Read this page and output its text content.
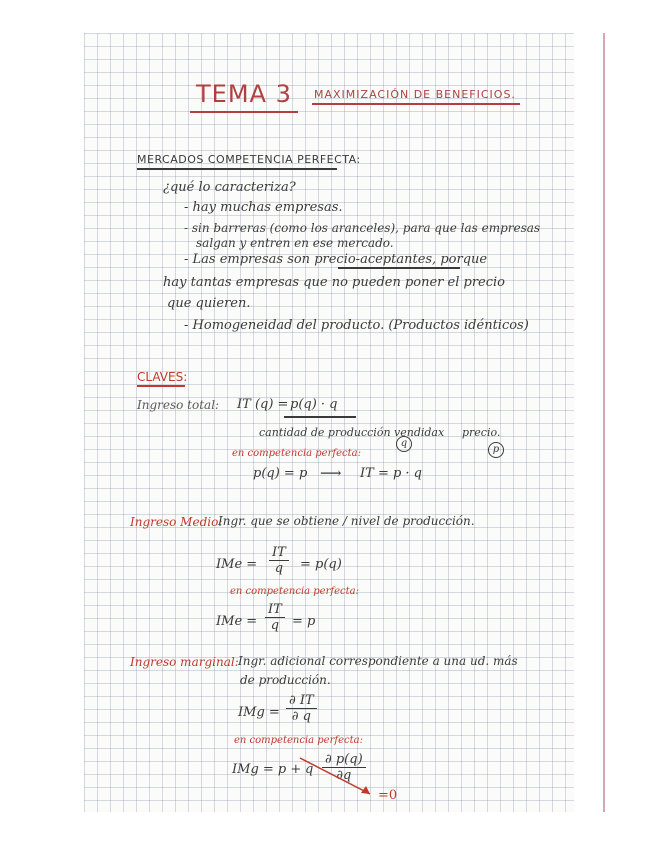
TEMA 3 MAXIMIZACIÓN DE BENEFICIOS.
MERCADOS COMPETENCIA PERFECTA:
¿qué lo caracteriza?
- hay muchas empresas.
- sin barreras (como los aranceles), para que las empresas
salgan y entren en ese mercado.
- Las empresas son precio-aceptantes, porque
hay tantas empresas que no pueden poner el precio
que quieren.
- Homogeneidad del producto. (Productos idénticos)
CLAVES:
Ingreso total: IT (q) = p(q) · q
cantidad de producción vendida x precio.
q
p
en competencia perfecta:
p(q) = p ⟶ IT = p · q
Ingreso Medio:
Ingr. que se obtiene / nivel de producción.
IMe = $\frac{IT}{q} = p(q)$
en competencia perfecta:
IMe = $\frac{IT}{q} = p$
Ingreso marginal: Ingr. adicional correspondiente a una ud. más
de producción.
IMg = $\frac{\partial IT}{\partial q}$
en competencia perfecta:
IMg = p + q $\frac{\partial p(q)}{\partial q}$
=0
